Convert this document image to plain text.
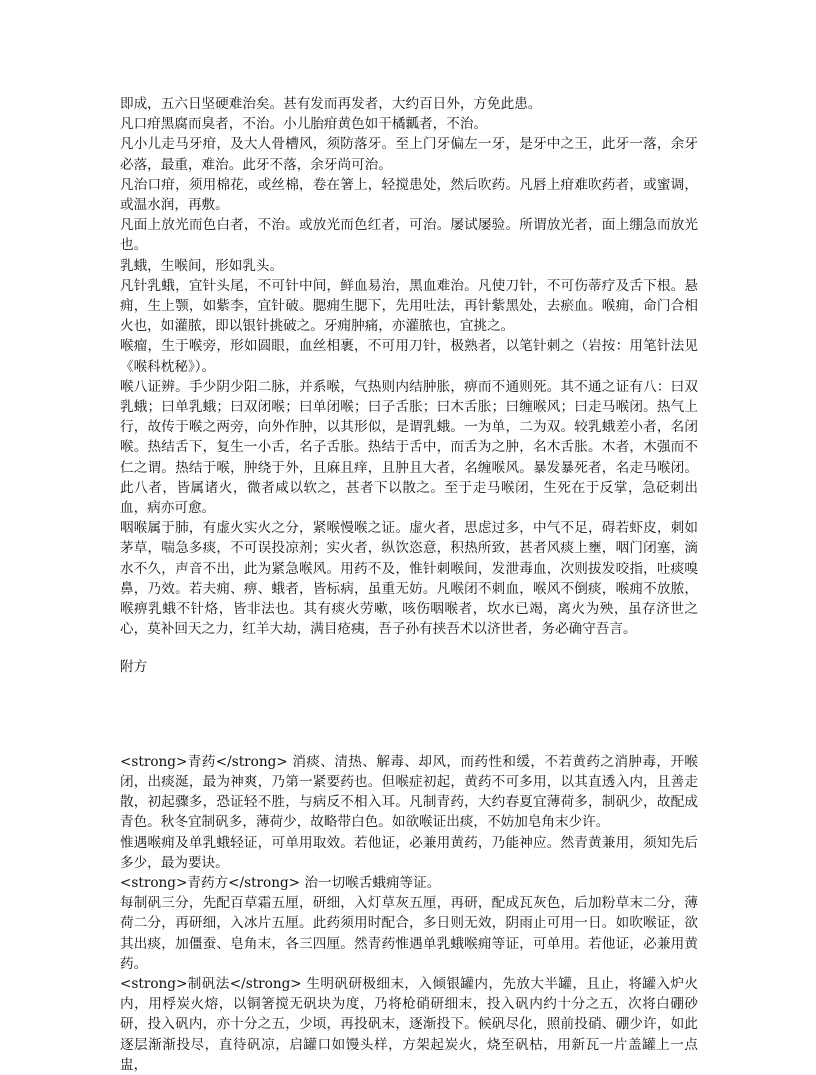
即成，五六日坚硬难治矣。甚有发而再发者，大约百日外，方免此患。

凡口疳黑腐而臭者，不治。小儿胎疳黄色如干橘瓤者，不治。

凡小儿走马牙疳，及大人骨槽风，须防落牙。至上门牙偏左一牙，是牙中之王，此牙一落，余牙必落，最重，难治。此牙不落，余牙尚可治。

凡治口疳，须用棉花，或丝棉，卷在箸上，轻搅患处，然后吹药。凡唇上疳难吹药者，或蜜调，或温水润，再敷。

凡面上放光而色白者，不治。或放光而色红者，可治。屡试屡验。所谓放光者，面上绷急而放光也。

乳蛾，生喉间，形如乳头。

凡针乳蛾，宜针头尾，不可针中间，鲜血易治，黑血难治。凡使刀针，不可伤蒂疗及舌下根。悬痈，生上颚，如紫李，宜针破。腮痈生腮下，先用吐法，再针紫黑处，去瘀血。喉痈，命门合相火也，如灌脓，即以银针挑破之。牙痈肿痛，亦灌脓也，宜挑之。

喉瘤，生于喉旁，形如圆眼，血丝相裹，不可用刀针，极熟者，以笔针刺之（岩按：用笔针法见《喉科枕秘》）。

喉八证辨。手少阴少阳二脉，并系喉，气热则内结肿胀，痹而不通则死。其不通之证有八：曰双乳蛾；曰单乳蛾；曰双闭喉；曰单闭喉；曰子舌胀；曰木舌胀；曰缠喉风；曰走马喉闭。热气上行，故传于喉之两旁，向外作肿，以其形似，是谓乳蛾。一为单，二为双。较乳蛾差小者，名闭喉。热结舌下，复生一小舌，名子舌胀。热结于舌中，而舌为之肿，名木舌胀。木者，木强而不仁之谓。热结于喉，肿绕于外，且麻且痒，且肿且大者，名缠喉风。暴发暴死者，名走马喉闭。此八者，皆属诸火，微者咸以软之，甚者下以散之。至于走马喉闭，生死在于反掌，急砭刺出血，病亦可愈。

咽喉属于肺，有虚火实火之分，紧喉慢喉之证。虚火者，思虑过多，中气不足，碍若虾皮，刺如茅草，喘急多痰，不可误投凉剂；实火者，纵饮恣意，积热所致，甚者风痰上壅，咽门闭塞，滴水不久，声音不出，此为紧急喉风。用药不及，惟针刺喉间，发泄毒血，次则拔发咬指，吐痰嗅鼻，乃效。若夫痈、痹、蛾者，皆标病，虽重无妨。凡喉闭不刺血，喉风不倒痰，喉痈不放脓，喉痹乳蛾不针烙，皆非法也。其有痰火劳嗽，咳伤咽喉者，坎水已竭，离火为殃，虽存济世之心，莫补回天之力，红羊大劫，满目疮痍，吾子孙有挟吾术以济世者，务必确守吾言。

附方

<strong>青药</strong> 消痰、清热、解毒、却风，而药性和缓，不若黄药之消肿毒，开喉闭，出痰涎，最为神爽，乃第一紧要药也。但喉症初起，黄药不可多用，以其直透入内，且善走散，初起骤多，恐证轻不胜，与病反不相入耳。凡制青药，大约春夏宜薄荷多，制矾少，故配成青色。秋冬宜制矾多，薄荷少，故略带白色。如欲喉证出痰，不妨加皂角末少许。

惟遇喉痈及单乳蛾轻证，可单用取效。若他证，必兼用黄药，乃能神应。然青黄兼用，须知先后多少，最为要诀。

<strong>青药方</strong> 治一切喉舌蛾痈等证。

每制矾三分，先配百草霜五厘，研细，入灯草灰五厘，再研，配成瓦灰色，后加粉草末二分，薄荷二分，再研细，入冰片五厘。此药须用时配合，多日则无效，阴雨止可用一日。如吹喉证，欲其出痰，加僵蚕、皂角末，各三四厘。然青药惟遇单乳蛾喉痈等证，可单用。若他证，必兼用黄药。

<strong>制矾法</strong> 生明矾研极细末，入倾银罐内，先放大半罐，且止，将罐入炉火内，用桴炭火熔，以铜箸搅无矾块为度，乃将枪硝研细末，投入矾内约十分之五，次将白硼砂研，投入矾内，亦十分之五，少顷，再投矾末，逐渐投下。候矾尽化，照前投硝、硼少许，如此逐层渐渐投尽，直待矾凉，启罐口如馒头样，方架起炭火，烧至矾枯，用新瓦一片盖罐上一点盅，
